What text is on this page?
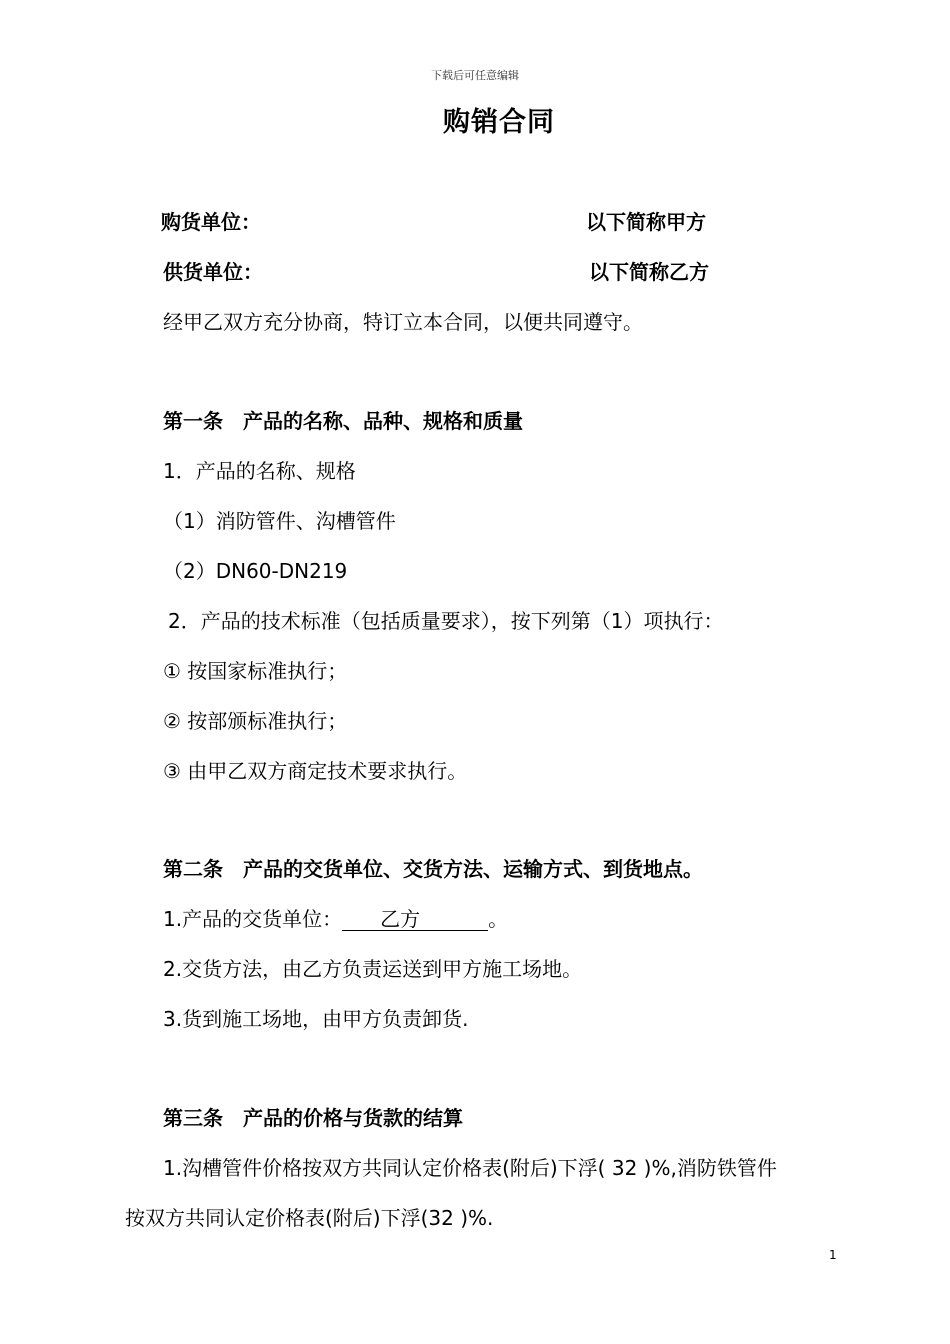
下载后可任意编辑
购销合同
购货单位：	以下简称甲方
供货单位：	以下简称乙方
经甲乙双方充分协商，特订立本合同，以便共同遵守。
第一条　产品的名称、品种、规格和质量
1．产品的名称、规格
（1）消防管件、沟槽管件
（2）DN60-DN219
2．产品的技术标准（包括质量要求），按下列第（1）项执行：
① 按国家标准执行；
② 按部颁标准执行；
③ 由甲乙双方商定技术要求执行。
第二条　产品的交货单位、交货方法、运输方式、到货地点。
1.产品的交货单位： 乙方	。
2.交货方法，由乙方负责运送到甲方施工场地。
3.货到施工场地，由甲方负责卸货.
第三条　产品的价格与货款的结算
1.沟槽管件价格按双方共同认定价格表(附后)下浮( 32 )%,消防铁管件
按双方共同认定价格表(附后)下浮(32 )%.
1
